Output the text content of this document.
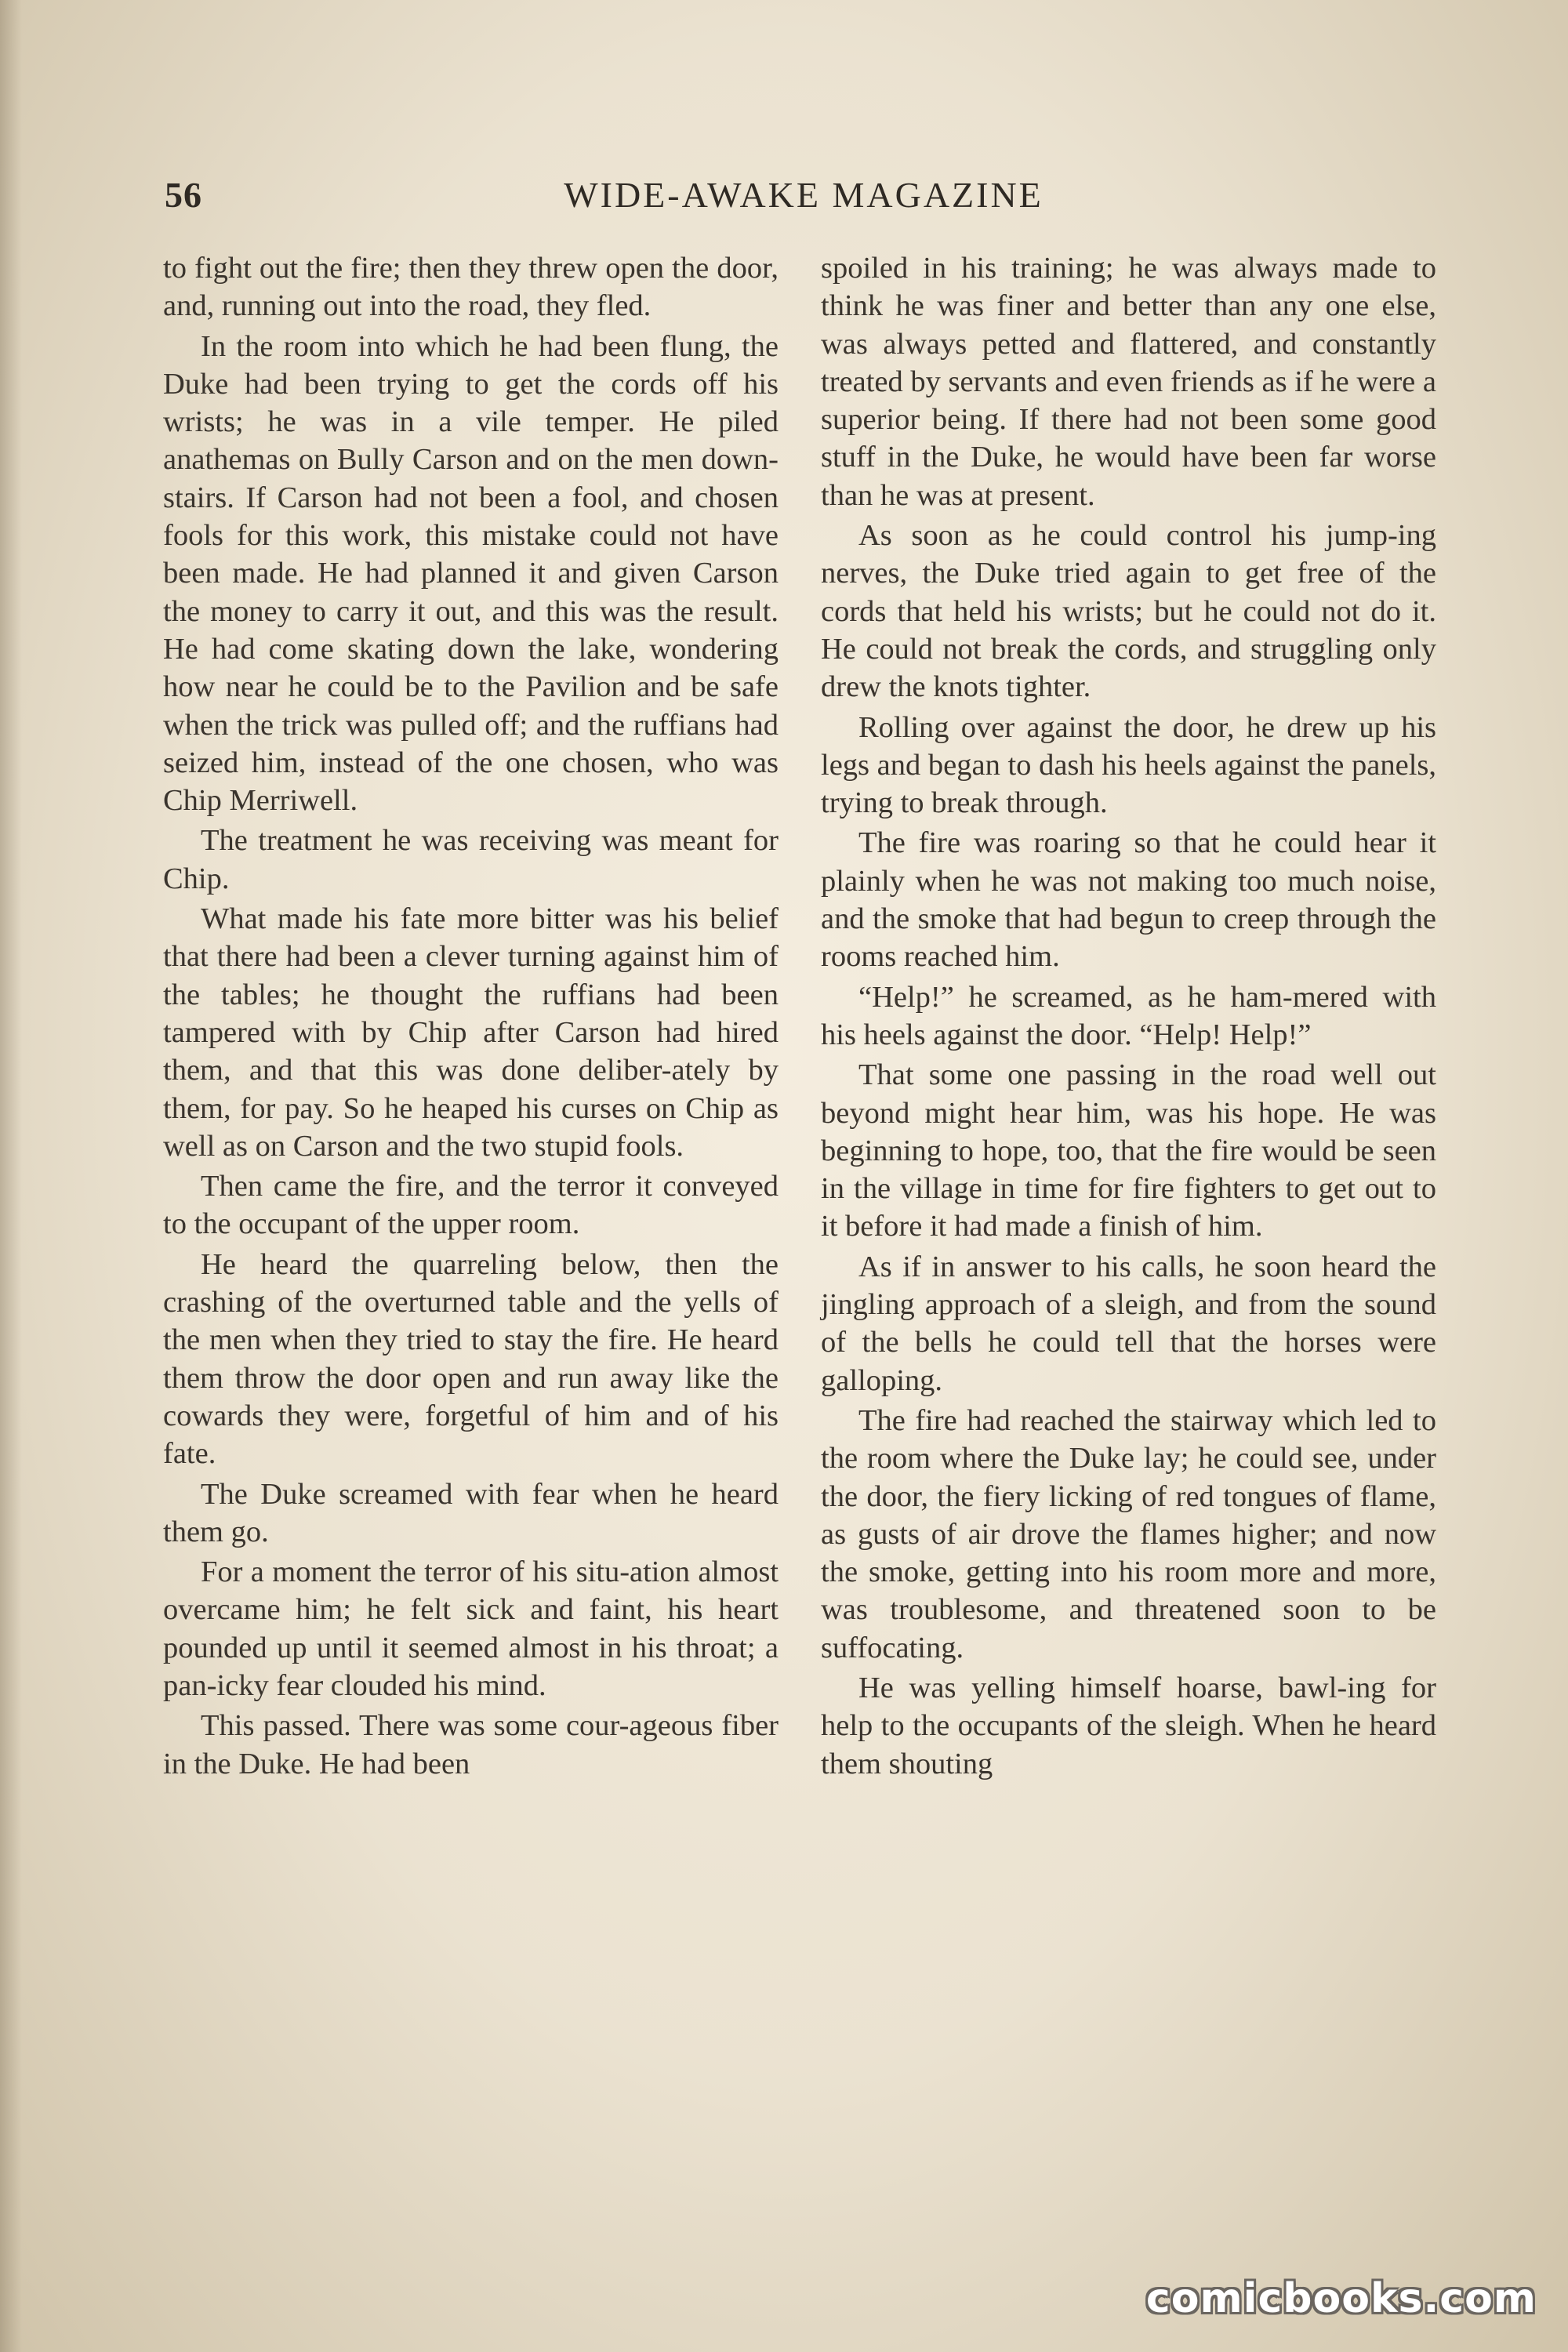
56	WIDE-AWAKE MAGAZINE

to fight out the fire; then they threw open the door, and, running out into the road, they fled.

In the room into which he had been flung, the Duke had been trying to get the cords off his wrists; he was in a vile temper. He piled anathemas on Bully Carson and on the men down-stairs. If Carson had not been a fool, and chosen fools for this work, this mistake could not have been made. He had planned it and given Carson the money to carry it out, and this was the result. He had come skating down the lake, wondering how near he could be to the Pavilion and be safe when the trick was pulled off; and the ruffians had seized him, instead of the one chosen, who was Chip Merriwell.

The treatment he was receiving was meant for Chip.

What made his fate more bitter was his belief that there had been a clever turning against him of the tables; he thought the ruffians had been tampered with by Chip after Carson had hired them, and that this was done deliber-ately by them, for pay. So he heaped his curses on Chip as well as on Carson and the two stupid fools.

Then came the fire, and the terror it conveyed to the occupant of the upper room.

He heard the quarreling below, then the crashing of the overturned table and the yells of the men when they tried to stay the fire. He heard them throw the door open and run away like the cowards they were, forgetful of him and of his fate.

The Duke screamed with fear when he heard them go.

For a moment the terror of his situ-ation almost overcame him; he felt sick and faint, his heart pounded up until it seemed almost in his throat; a pan-icky fear clouded his mind.

This passed. There was some cour-ageous fiber in the Duke. He had been

spoiled in his training; he was always made to think he was finer and better than any one else, was always petted and flattered, and constantly treated by servants and even friends as if he were a superior being. If there had not been some good stuff in the Duke, he would have been far worse than he was at present.

As soon as he could control his jump-ing nerves, the Duke tried again to get free of the cords that held his wrists; but he could not do it. He could not break the cords, and struggling only drew the knots tighter.

Rolling over against the door, he drew up his legs and began to dash his heels against the panels, trying to break through.

The fire was roaring so that he could hear it plainly when he was not making too much noise, and the smoke that had begun to creep through the rooms reached him.

“Help!” he screamed, as he ham-mered with his heels against the door. “Help! Help!”

That some one passing in the road well out beyond might hear him, was his hope. He was beginning to hope, too, that the fire would be seen in the village in time for fire fighters to get out to it before it had made a finish of him.

As if in answer to his calls, he soon heard the jingling approach of a sleigh, and from the sound of the bells he could tell that the horses were galloping.

The fire had reached the stairway which led to the room where the Duke lay; he could see, under the door, the fiery licking of red tongues of flame, as gusts of air drove the flames higher; and now the smoke, getting into his room more and more, was troublesome, and threatened soon to be suffocating.

He was yelling himself hoarse, bawl-ing for help to the occupants of the sleigh. When he heard them shouting

comicbooks.com
